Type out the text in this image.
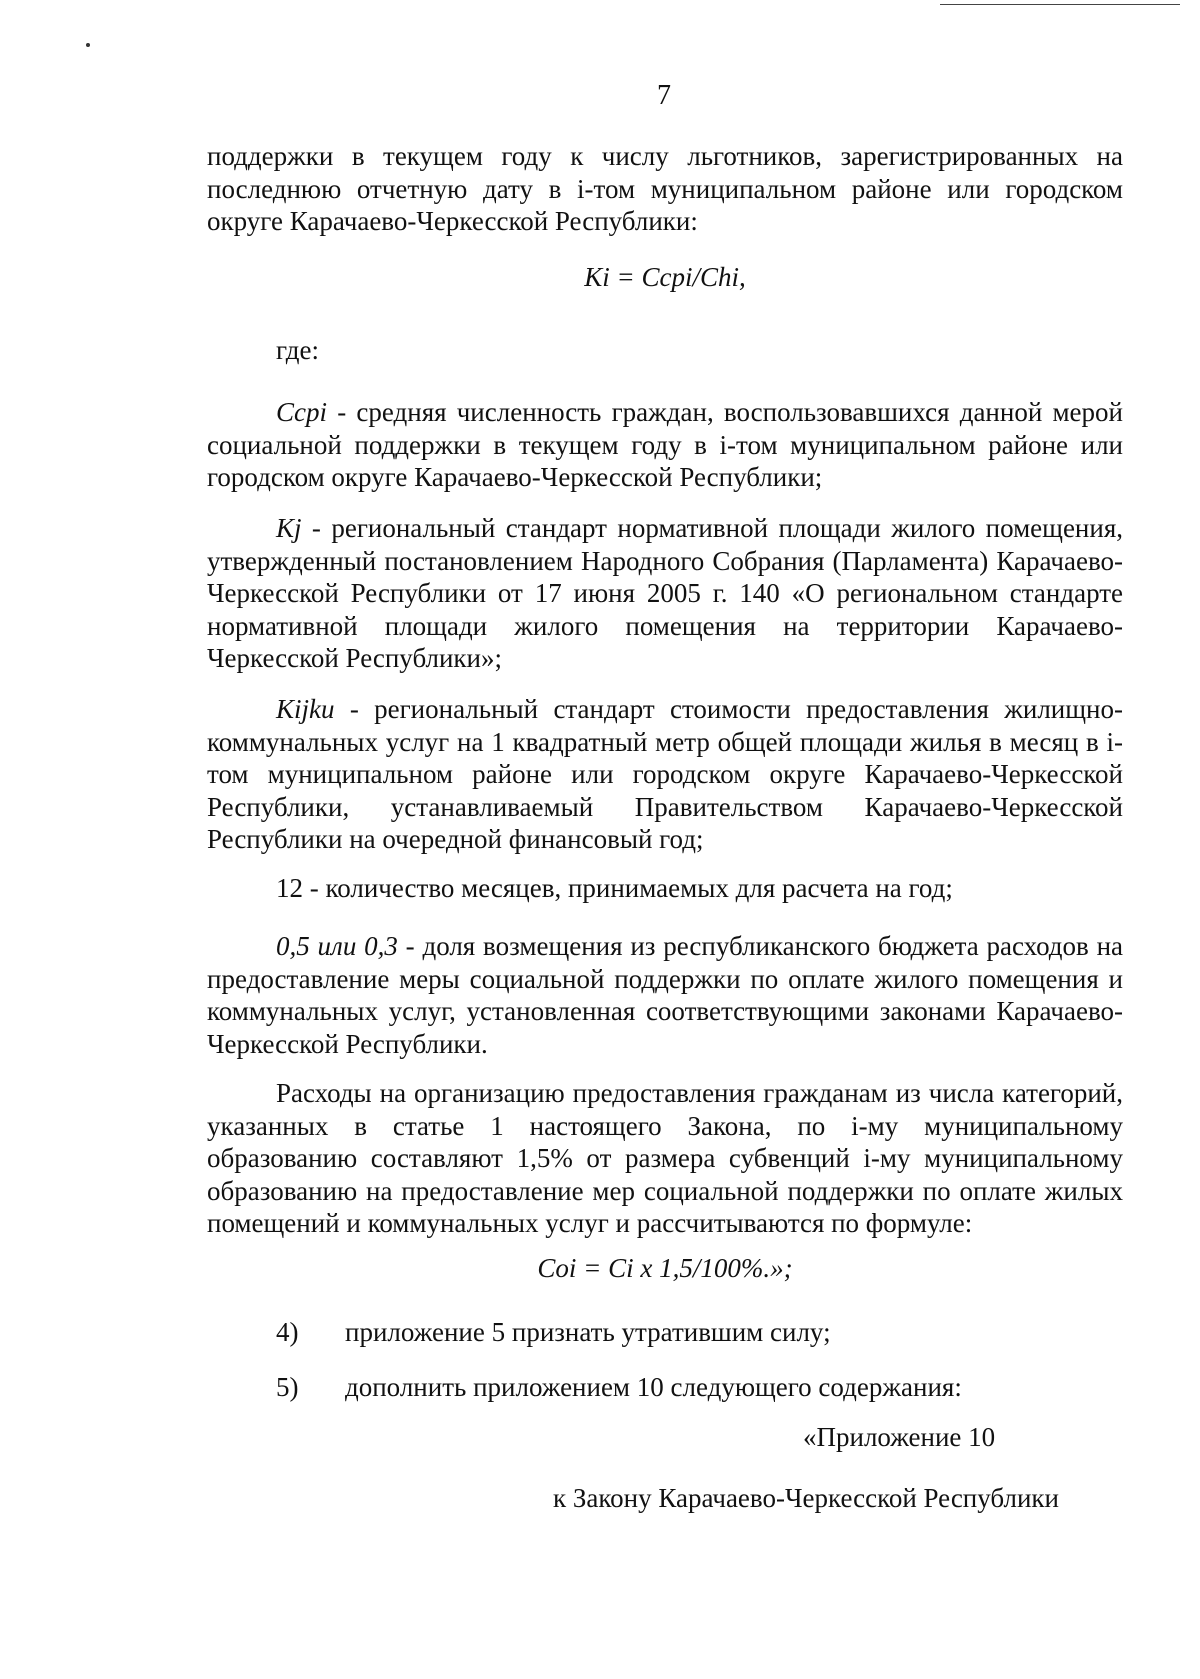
7

поддержки в текущем году к числу льготников, зарегистрированных на последнюю отчетную дату в i-том муниципальном районе или городском округе Карачаево-Черкесской Республики:

Ki = Ccpi/Chi,

где:

Ccpi - средняя численность граждан, воспользовавшихся данной мерой социальной поддержки в текущем году в i-том муниципальном районе или городском округе Карачаево-Черкесской Республики;

Kj - региональный стандарт нормативной площади жилого помещения, утвержденный постановлением Народного Собрания (Парламента) Карачаево-Черкесской Республики от 17 июня 2005 г. 140 «О региональном стандарте нормативной площади жилого помещения на территории Карачаево-Черкесской Республики»;

Kijku - региональный стандарт стоимости предоставления жилищно-коммунальных услуг на 1 квадратный метр общей площади жилья в месяц в i-том муниципальном районе или городском округе Карачаево-Черкесской Республики, устанавливаемый Правительством Карачаево-Черкесской Республики на очередной финансовый год;

12 - количество месяцев, принимаемых для расчета на год;

0,5 или 0,3 - доля возмещения из республиканского бюджета расходов на предоставление меры социальной поддержки по оплате жилого помещения и коммунальных услуг, установленная соответствующими законами Карачаево-Черкесской Республики.

Расходы на организацию предоставления гражданам из числа категорий, указанных в статье 1 настоящего Закона, по i-му муниципальному образованию составляют 1,5% от размера субвенций i-му муниципальному образованию на предоставление мер социальной поддержки по оплате жилых помещений и коммунальных услуг и рассчитываются по формуле:

Coi = Ci x 1,5/100%.»;

4) приложение 5 признать утратившим силу;
5) дополнить приложением 10 следующего содержания:
«Приложение 10
к Закону Карачаево-Черкесской Республики
